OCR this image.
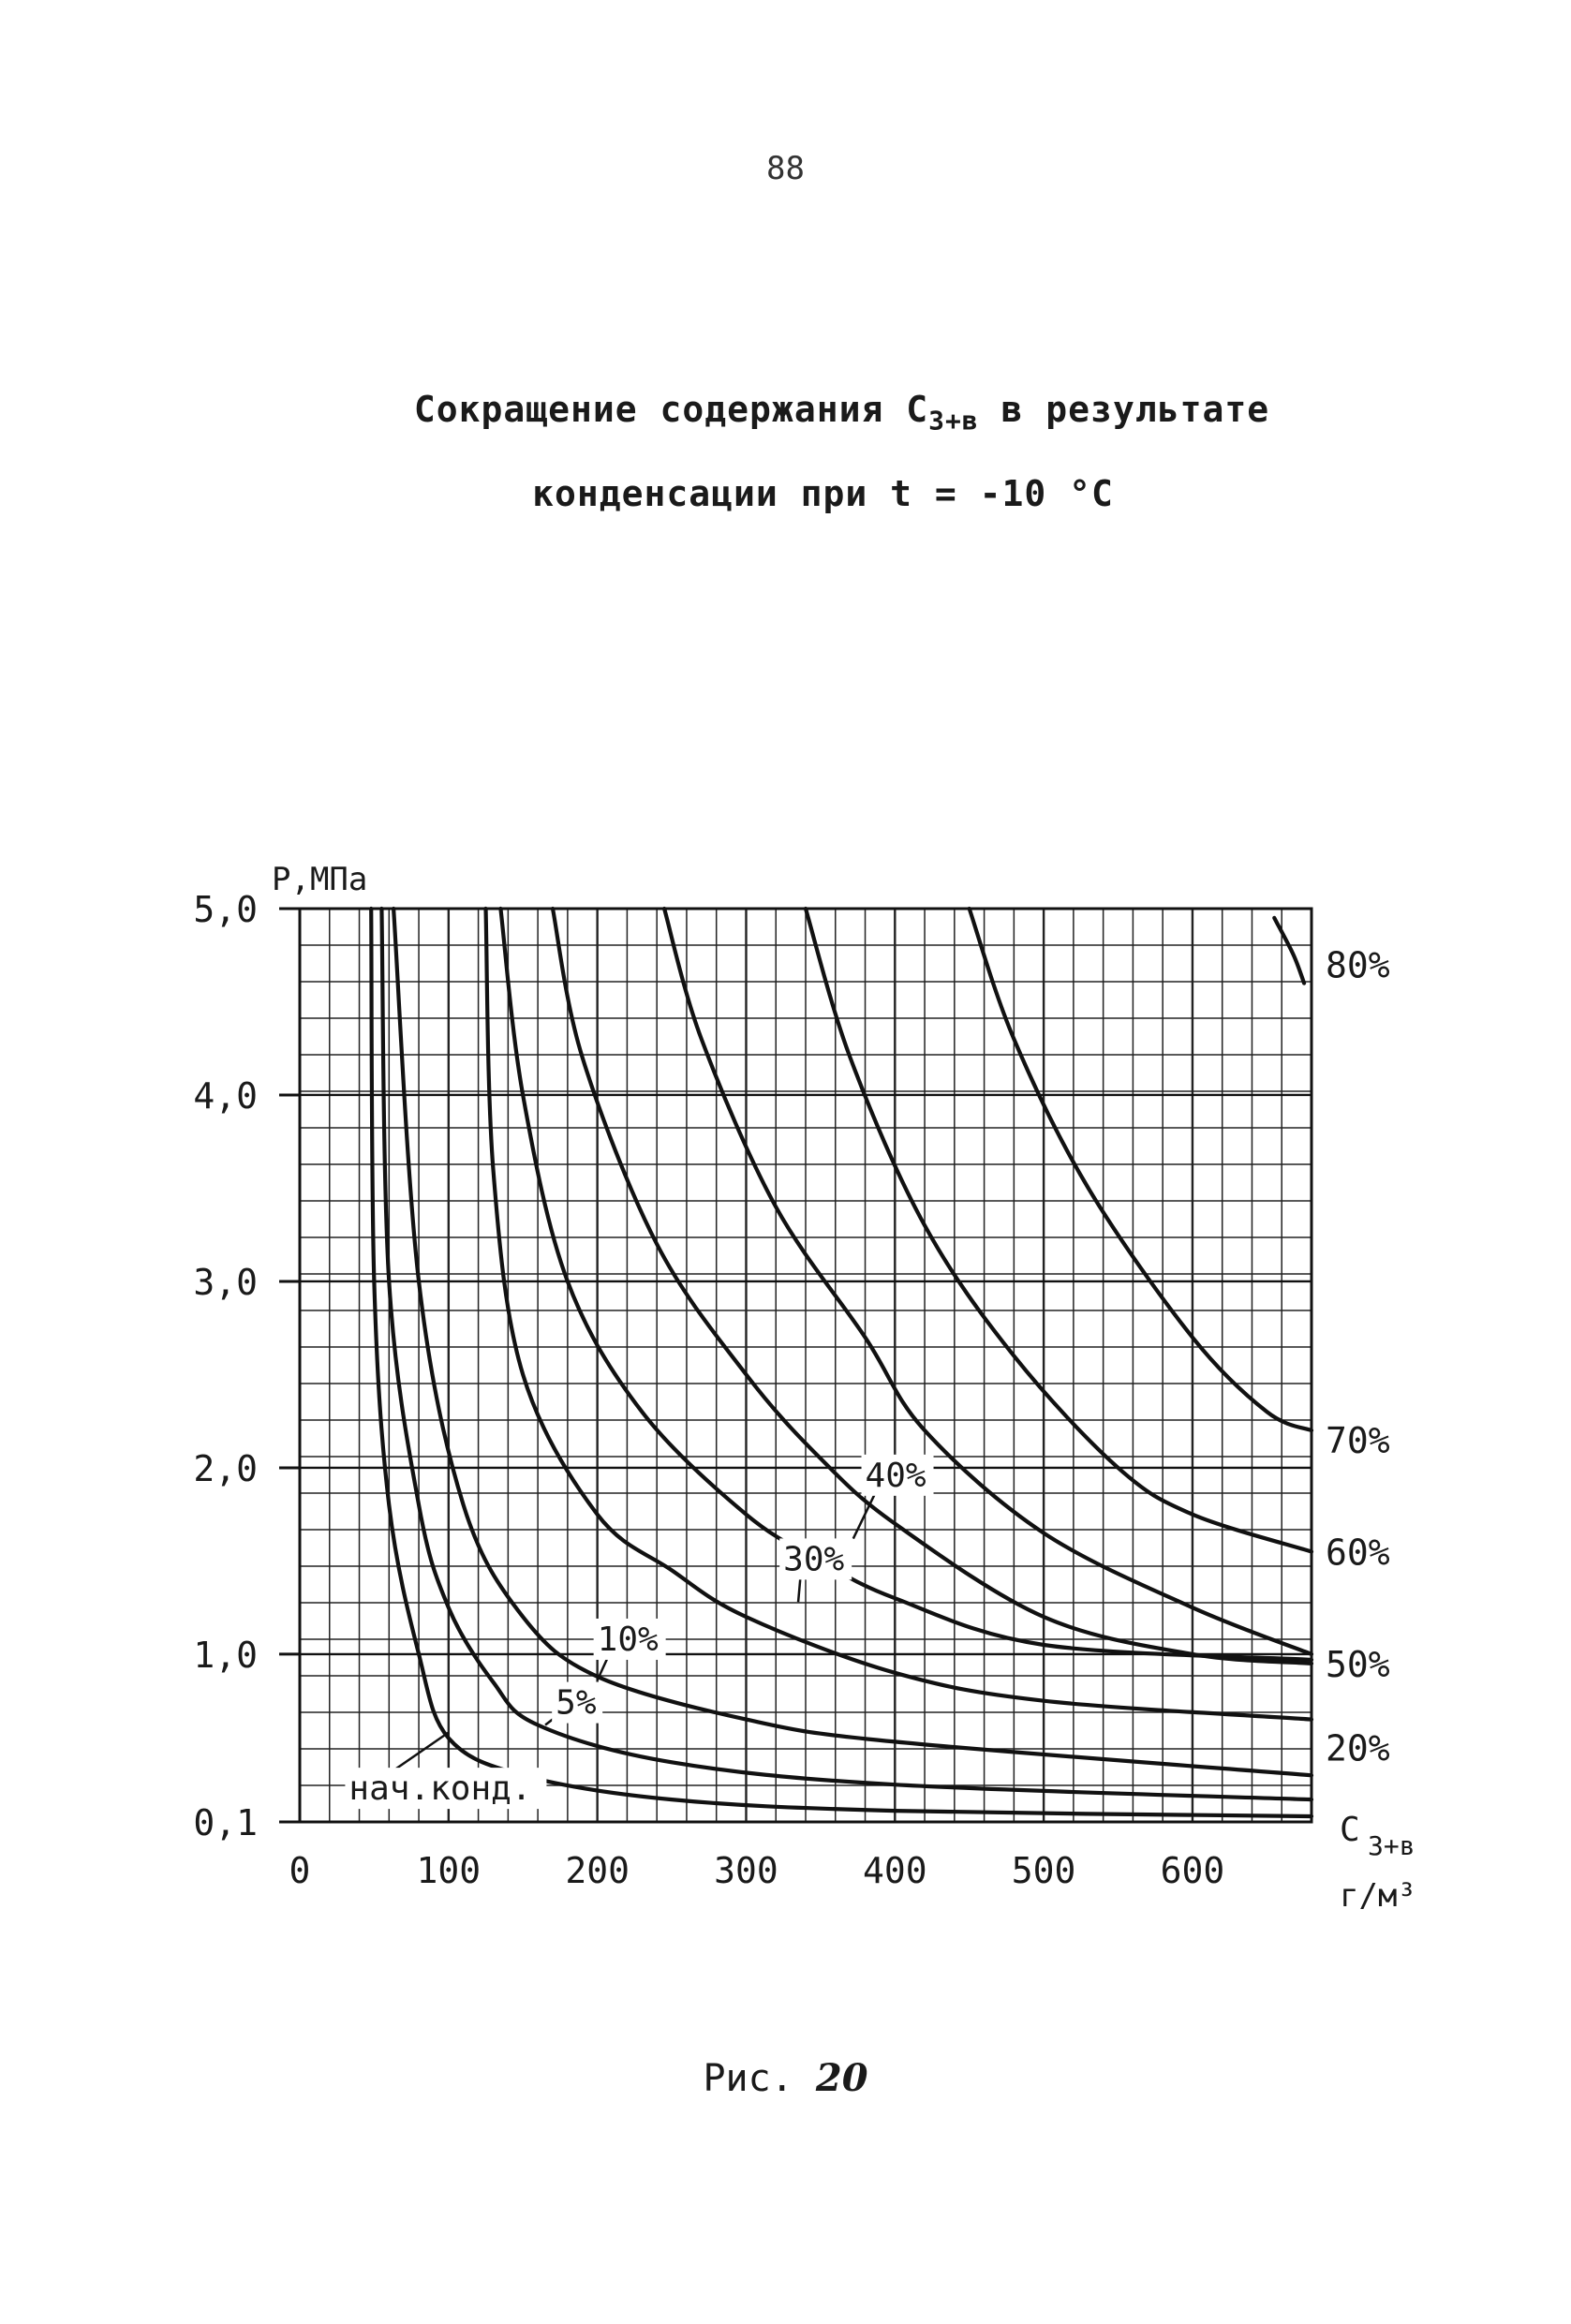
88
Сокращение содержания $С_{3+в}$ в результате
конденсации при t = -10 °C
0,1
1,0
2,0
3,0
4,0
5,0
0	100 200 300 400 500 600
P,МПа
С 3+в
г/м³
80%
70%
60%
50%
20%
нач.конд.
5%
10%
30%
40%
Рис. 20
